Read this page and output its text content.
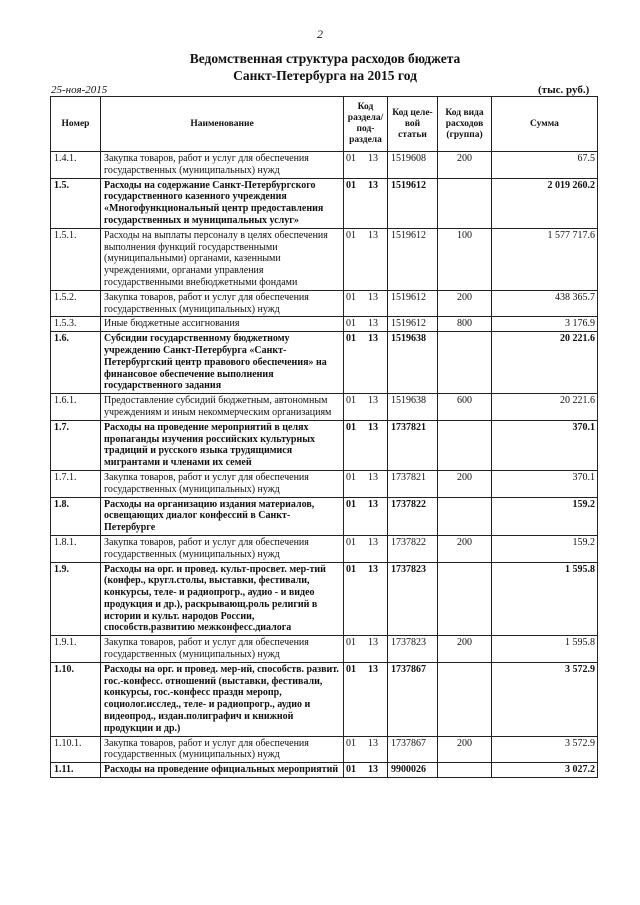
2
Ведомственная структура расходов бюджета
Санкт-Петербурга на 2015 год
25-ноя-2015	(тыс. руб.)
Номер	Наименование	Код раздела/ под-раздела	Код целе-вой статьи	Код вида расходов (группа)	Сумма
1.4.1.	Закупка товаров, работ и услуг для обеспечения государственных (муниципальных) нужд	01 13	1519608	200	67.5
1.5.	Расходы на содержание Санкт-Петербургского государственного казенного учреждения «Многофункциональный центр предоставления государственных и муниципальных услуг»	01 13	1519612		2 019 260.2
1.5.1.	Расходы на выплаты персоналу в целях обеспечения выполнения функций государственными (муниципальными) органами, казенными учреждениями, органами управления государственными внебюджетными фондами	01 13	1519612	100	1 577 717.6
1.5.2.	Закупка товаров, работ и услуг для обеспечения государственных (муниципальных) нужд	01 13	1519612	200	438 365.7
1.5.3.	Иные бюджетные ассигнования	01 13	1519612	800	3 176.9
1.6.	Субсидии государственному бюджетному учреждению Санкт-Петербурга «Санкт-Петербургский центр правового обеспечения» на финансовое обеспечение выполнения государственного задания	01 13	1519638		20 221.6
1.6.1.	Предоставление субсидий бюджетным, автономным учреждениям и иным некоммерческим организациям	01 13	1519638	600	20 221.6
1.7.	Расходы на проведение мероприятий в целях пропаганды изучения российских культурных традиций и русского языка трудящимися мигрантами и членами их семей	01 13	1737821		370.1
1.7.1.	Закупка товаров, работ и услуг для обеспечения государственных (муниципальных) нужд	01 13	1737821	200	370.1
1.8.	Расходы на организацию издания материалов, освещающих диалог конфессий в Санкт-Петербурге	01 13	1737822		159.2
1.8.1.	Закупка товаров, работ и услуг для обеспечения государственных (муниципальных) нужд	01 13	1737822	200	159.2
1.9.	Расходы на орг. и провед. культ-просвет. мер-тий (конфер., кругл.столы, выставки, фестивали, конкурсы, теле- и радиопрогр., аудио - и видео продукция и др.), раскрывающ.роль религий в истории и культ. народов России, способств.развитию межконфесс.диалога	01 13	1737823		1 595.8
1.9.1.	Закупка товаров, работ и услуг для обеспечения государственных (муниципальных) нужд	01 13	1737823	200	1 595.8
1.10.	Расходы на орг. и провед. мер-ий, способств. развит. гос.-конфесс. отношений (выставки, фестивали, конкурсы, гос.-конфесс праздн меропр, социолог.исслед., теле- и радиопрогр., аудио и видеопрод., издан.полиграфич и книжной продукции и др.)	01 13	1737867		3 572.9
1.10.1.	Закупка товаров, работ и услуг для обеспечения государственных (муниципальных) нужд	01 13	1737867	200	3 572.9
1.11.	Расходы на проведение официальных мероприятий	01 13	9900026		3 027.2
